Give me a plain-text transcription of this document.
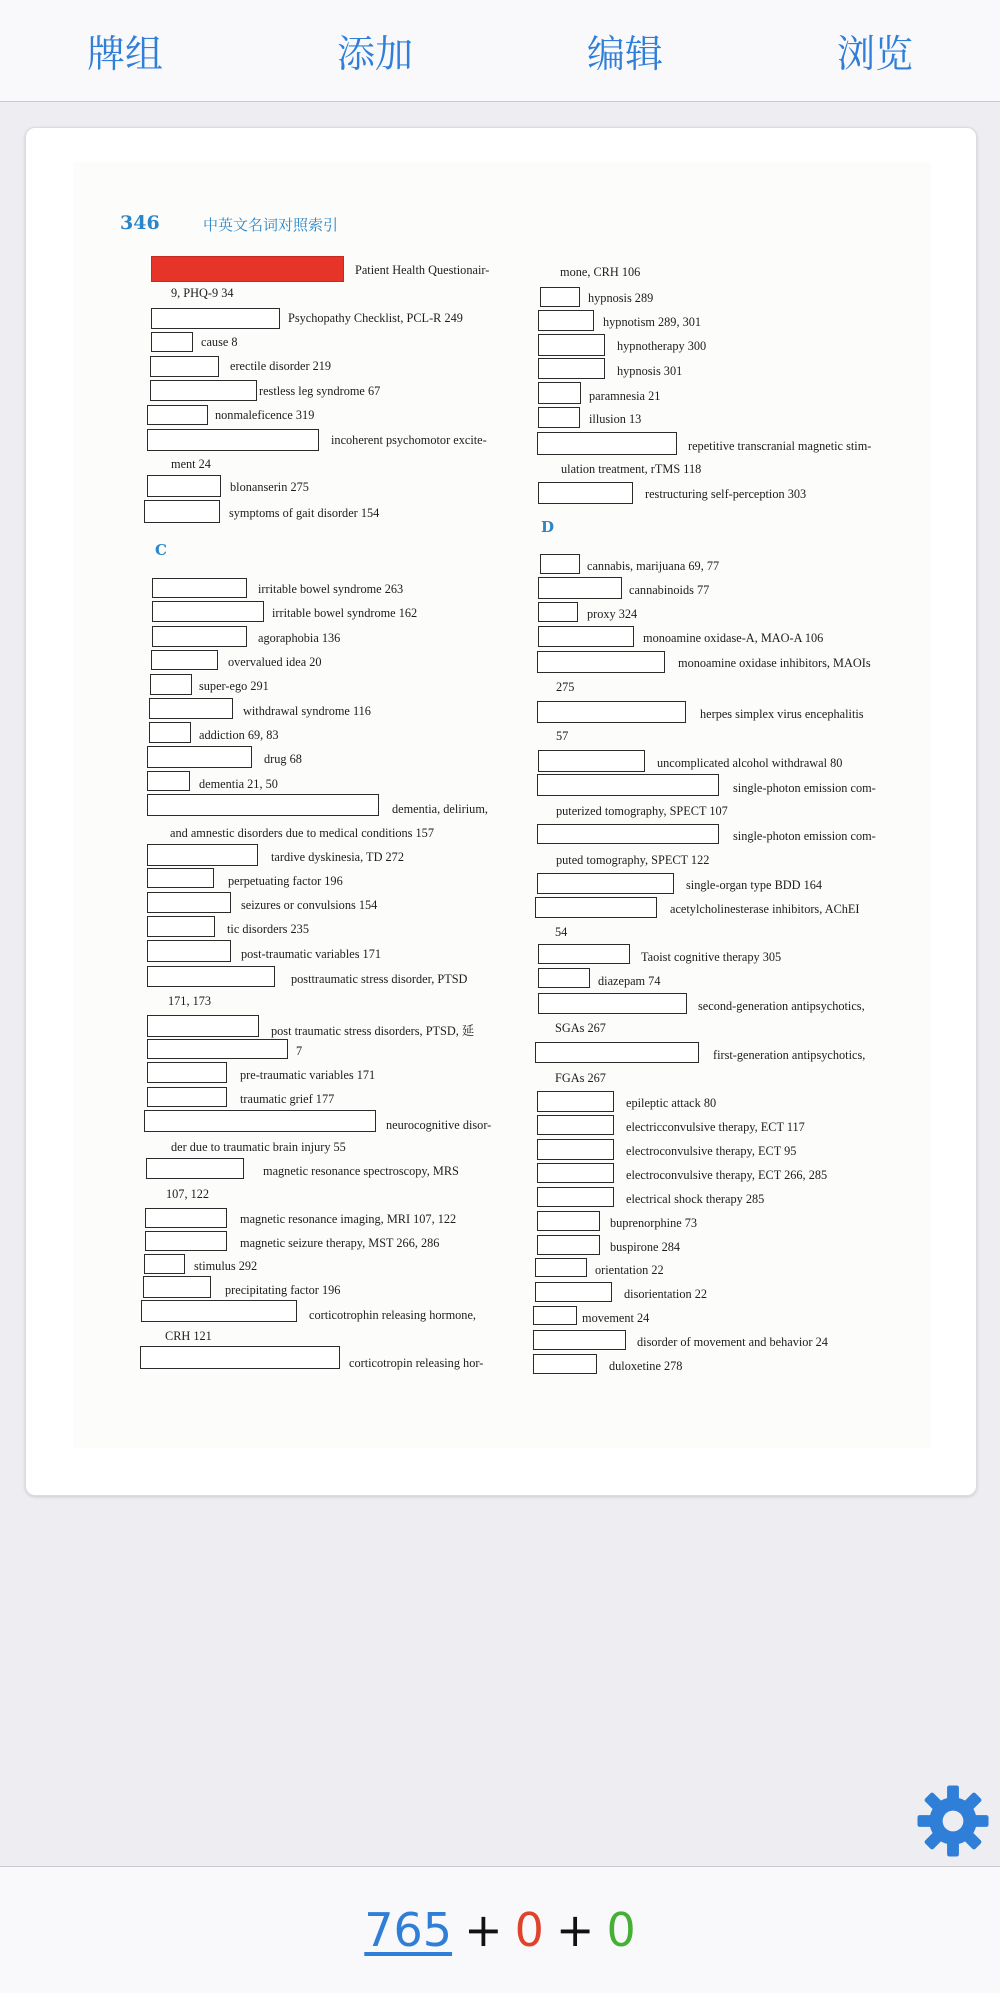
牌组	添加	编辑	浏览
346	中英文名词对照索引
C
D
Patient Health Questionair-
9, PHQ-9 34
Psychopathy Checklist, PCL-R 249
cause 8
erectile disorder 219
restless leg syndrome 67
nonmaleficence 319
incoherent psychomotor excite-
ment 24
blonanserin 275
symptoms of gait disorder 154
irritable bowel syndrome 263
irritable bowel syndrome 162
agoraphobia 136
overvalued idea 20
super-ego 291
withdrawal syndrome 116
addiction 69, 83
drug 68
dementia 21, 50
dementia, delirium,
and amnestic disorders due to medical conditions 157
tardive dyskinesia, TD 272
perpetuating factor 196
seizures or convulsions 154
tic disorders 235
post-traumatic variables 171
posttraumatic stress disorder, PTSD
171, 173
post traumatic stress disorders, PTSD, 延
7
pre-traumatic variables 171
traumatic grief 177
neurocognitive disor-
der due to traumatic brain injury 55
magnetic resonance spectroscopy, MRS
107, 122
magnetic resonance imaging, MRI 107, 122
magnetic seizure therapy, MST 266, 286
stimulus 292
precipitating factor 196
corticotrophin releasing hormone,
CRH 121
corticotropin releasing hor-
mone, CRH 106
hypnosis 289
hypnotism 289, 301
hypnotherapy 300
hypnosis 301
paramnesia 21
illusion 13
repetitive transcranial magnetic stim-
ulation treatment, rTMS 118
restructuring self-perception 303
cannabis, marijuana 69, 77
cannabinoids 77
proxy 324
monoamine oxidase-A, MAO-A 106
monoamine oxidase inhibitors, MAOIs
275
herpes simplex virus encephalitis
57
uncomplicated alcohol withdrawal 80
single-photon emission com-
puterized tomography, SPECT 107
single-photon emission com-
puted tomography, SPECT 122
single-organ type BDD 164
acetylcholinesterase inhibitors, AChEI
54
Taoist cognitive therapy 305
diazepam 74
second-generation antipsychotics,
SGAs 267
first-generation antipsychotics,
FGAs 267
epileptic attack 80
electricconvulsive therapy, ECT 117
electroconvulsive therapy, ECT 95
electroconvulsive therapy, ECT 266, 285
electrical shock therapy 285
buprenorphine 73
buspirone 284
orientation 22
disorientation 22
movement 24
disorder of movement and behavior 24
duloxetine 278
765 + 0 + 0
